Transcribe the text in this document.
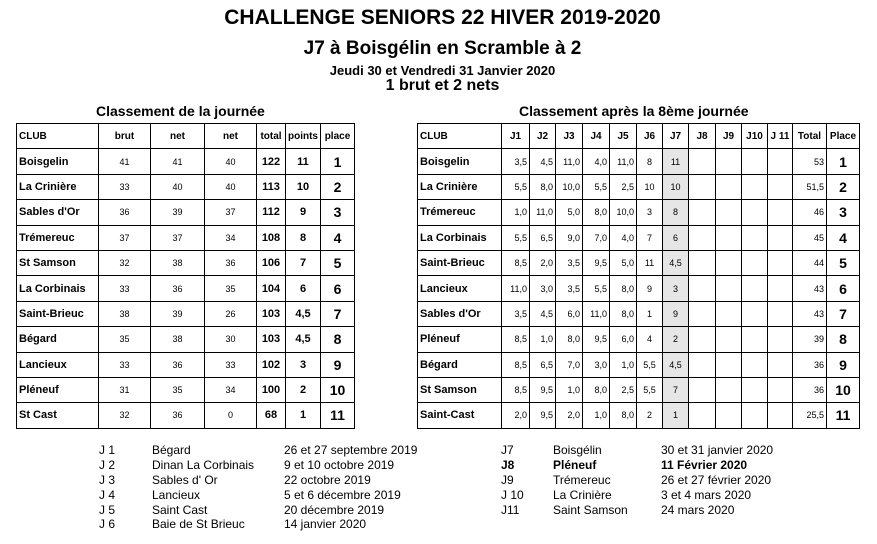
CHALLENGE SENIORS 22 HIVER 2019-2020
J7 à Boisgélin en Scramble à 2
Jeudi 30 et Vendredi 31 Janvier 2020
1 brut et 2 nets
Classement de la journée	Classement après la 8ème journée
CLUB	brut	net	net	total	points	place
Boisgelin	41	41	40	122	11	1
La Crinière	33	40	40	113	10	2
Sables d'Or	36	39	37	112	9	3
Trémereuc	37	37	34	108	8	4
St Samson	32	38	36	106	7	5
La Corbinais	33	36	35	104	6	6
Saint-Brieuc	38	39	26	103	4,5	7
Bégard	35	38	30	103	4,5	8
Lancieux	33	36	33	102	3	9
Pléneuf	31	35	34	100	2	10
St Cast	32	36	0	68	1	11
CLUB	J1	J2	J3	J4	J5	J6	J7	J8	J9	J10	J 11	Total	Place
Boisgelin	3,5	4,5	11,0	4,0	11,0	8	11					53	1
La Crinière	5,5	8,0	10,0	5,5	2,5	10	10					51,5	2
Trémereuc	1,0	11,0	5,0	8,0	10,0	3	8					46	3
La Corbinais	5,5	6,5	9,0	7,0	4,0	7	6					45	4
Saint-Brieuc	8,5	2,0	3,5	9,5	5,0	11	4,5					44	5
Lancieux	11,0	3,0	3,5	5,5	8,0	9	3					43	6
Sables d'Or	3,5	4,5	6,0	11,0	8,0	1	9					43	7
Pléneuf	8,5	1,0	8,0	9,5	6,0	4	2					39	8
Bégard	8,5	6,5	7,0	3,0	1,0	5,5	4,5					36	9
St Samson	8,5	9,5	1,0	8,0	2,5	5,5	7					36	10
Saint-Cast	2,0	9,5	2,0	1,0	8,0	2	1					25,5	11
J 1	Bégard	26 et 27 septembre 2019
J 2	Dinan La Corbinais 9 et 10 octobre 2019
J 3	Sables d' Or	22 octobre 2019
J 4	Lancieux	5 et 6 décembre 2019
J 5	Saint Cast	20 décembre 2019
J 6	Baie de St Brieuc	14 janvier 2020
J7	Boisgélin	30 et 31 janvier 2020
J8	Pléneuf	11 Février 2020
J9	Trémereuc	26 et 27 février 2020
J 10 La Crinière	3 et 4 mars 2020
J11	Saint Samson	24 mars 2020
